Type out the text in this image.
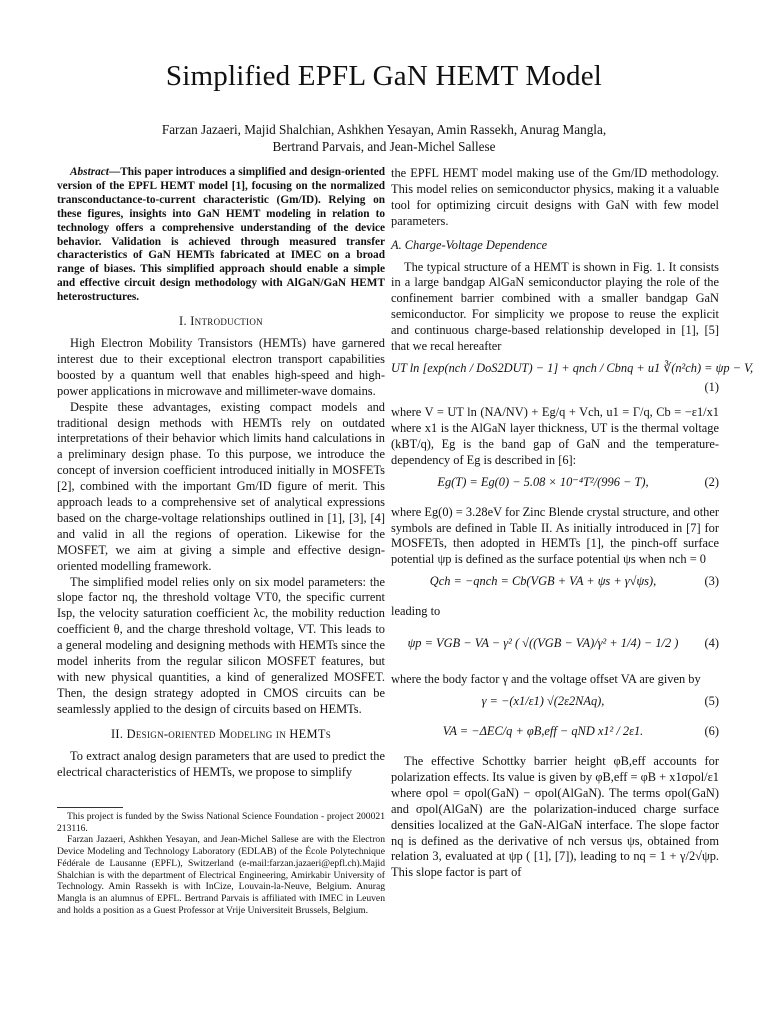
Simplified EPFL GaN HEMT Model
Farzan Jazaeri, Majid Shalchian, Ashkhen Yesayan, Amin Rassekh, Anurag Mangla,
Bertrand Parvais, and Jean-Michel Sallese

Abstract—This paper introduces a simplified and design-oriented version of the EPFL HEMT model [1], focusing on the normalized transconductance-to-current characteristic (Gm/ID). Relying on these figures, insights into GaN HEMT modeling in relation to technology offers a comprehensive understanding of the device behavior. Validation is achieved through measured transfer characteristics of GaN HEMTs fabricated at IMEC on a broad range of biases. This simplified approach should enable a simple and effective circuit design methodology with AlGaN/GaN HEMT heterostructures.

I. Introduction

High Electron Mobility Transistors (HEMTs) have garnered interest due to their exceptional electron transport capabilities boosted by a quantum well that enables high-speed and high-power applications in microwave and millimeter-wave domains.

Despite these advantages, existing compact models and traditional design methods with HEMTs rely on outdated interpretations of their behavior which limits hand calculations in a preliminary design phase. To this purpose, we introduce the concept of inversion coefficient introduced initially in MOSFETs [2], combined with the important Gm/ID figure of merit. This approach leads to a comprehensive set of analytical expressions based on the charge-voltage relationships outlined in [1], [3], [4] and valid in all the regions of operation. Likewise for the MOSFET, we aim at giving a simple and effective design-oriented modelling framework.

The simplified model relies only on six model parameters: the slope factor nq, the threshold voltage VT0, the specific current Isp, the velocity saturation coefficient λc, the mobility reduction coefficient θ, and the charge threshold voltage, VT. This leads to a general modeling and designing methods with HEMTs since the model inherits from the regular silicon MOSFET features, but with new physical quantities, a kind of generalized MOSFET. Then, the design strategy adopted in CMOS circuits can be seamlessly applied to the design of circuits based on HEMTs.

II. Design-oriented Modeling in HEMTs

To extract analog design parameters that are used to predict the electrical characteristics of HEMTs, we propose to simplify

This project is funded by the Swiss National Science Foundation - project 200021 213116.

Farzan Jazaeri, Ashkhen Yesayan, and Jean-Michel Sallese are with the Electron Device Modeling and Technology Laboratory (EDLAB) of the École Polytechnique Fédérale de Lausanne (EPFL), Switzerland (e-mail:farzan.jazaeri@epfl.ch).Majid Shalchian is with the department of Electrical Engineering, Amirkabir University of Technology. Amin Rassekh is with InCize, Louvain-la-Neuve, Belgium. Anurag Mangla is an alumnus of EPFL. Bertrand Parvais is affiliated with IMEC in Leuven and holds a position as a Guest Professor at Vrije Universiteit Brussels, Belgium.

the EPFL HEMT model making use of the Gm/ID methodology. This model relies on semiconductor physics, making it a valuable tool for optimizing circuit designs with GaN with few model parameters.

A. Charge-Voltage Dependence

The typical structure of a HEMT is shown in Fig. 1. It consists in a large bandgap AlGaN semiconductor playing the role of the confinement barrier combined with a smaller bandgap GaN semiconductor. For simplicity we propose to reuse the explicit and continuous charge-based relationship developed in [1], [5] that we recal hereafter

UT ln [exp(nch / DoS2DUT) − 1] + qnch / Cbnq + u1 ∛(n²ch) = ψp − V,
(1)

where V = UT ln (NA/NV) + Eg/q + Vch, u1 = Γ/q, Cb = −ε1/x1 where x1 is the AlGaN layer thickness, UT is the thermal voltage (kBT/q), Eg is the band gap of GaN and the temperature-dependency of Eg is described in [6]:

Eg(T) = Eg(0) − 5.08 × 10⁻⁴T²/(996 − T),	(2)

where Eg(0) = 3.28eV for Zinc Blende crystal structure, and other symbols are defined in Table II. As initially introduced in [7] for MOSFETs, then adopted in HEMTs [1], the pinch-off surface potential ψp is defined as the surface potential ψs when nch = 0

Qch = −qnch = Cb(VGB + VA + ψs + γ√ψs),	(3)

leading to

ψp = VGB − VA − γ² ( √((VGB − VA)/γ² + 1/4) − 1/2 )	(4)

where the body factor γ and the voltage offset VA are given by

γ = −(x1/ε1) √(2ε2NAq),	(5)
VA = −ΔEC/q + φB,eff − qND x1² / 2ε1.	(6)

The effective Schottky barrier height φB,eff accounts for polarization effects. Its value is given by φB,eff = φB + x1σpol/ε1 where σpol = σpol(GaN) − σpol(AlGaN). The terms σpol(GaN) and σpol(AlGaN) are the polarization-induced charge surface densities localized at the GaN-AlGaN interface. The slope factor nq is defined as the derivative of nch versus ψs, obtained from relation 3, evaluated at ψp ( [1], [7]), leading to nq = 1 + γ/2√ψp. This slope factor is part of
